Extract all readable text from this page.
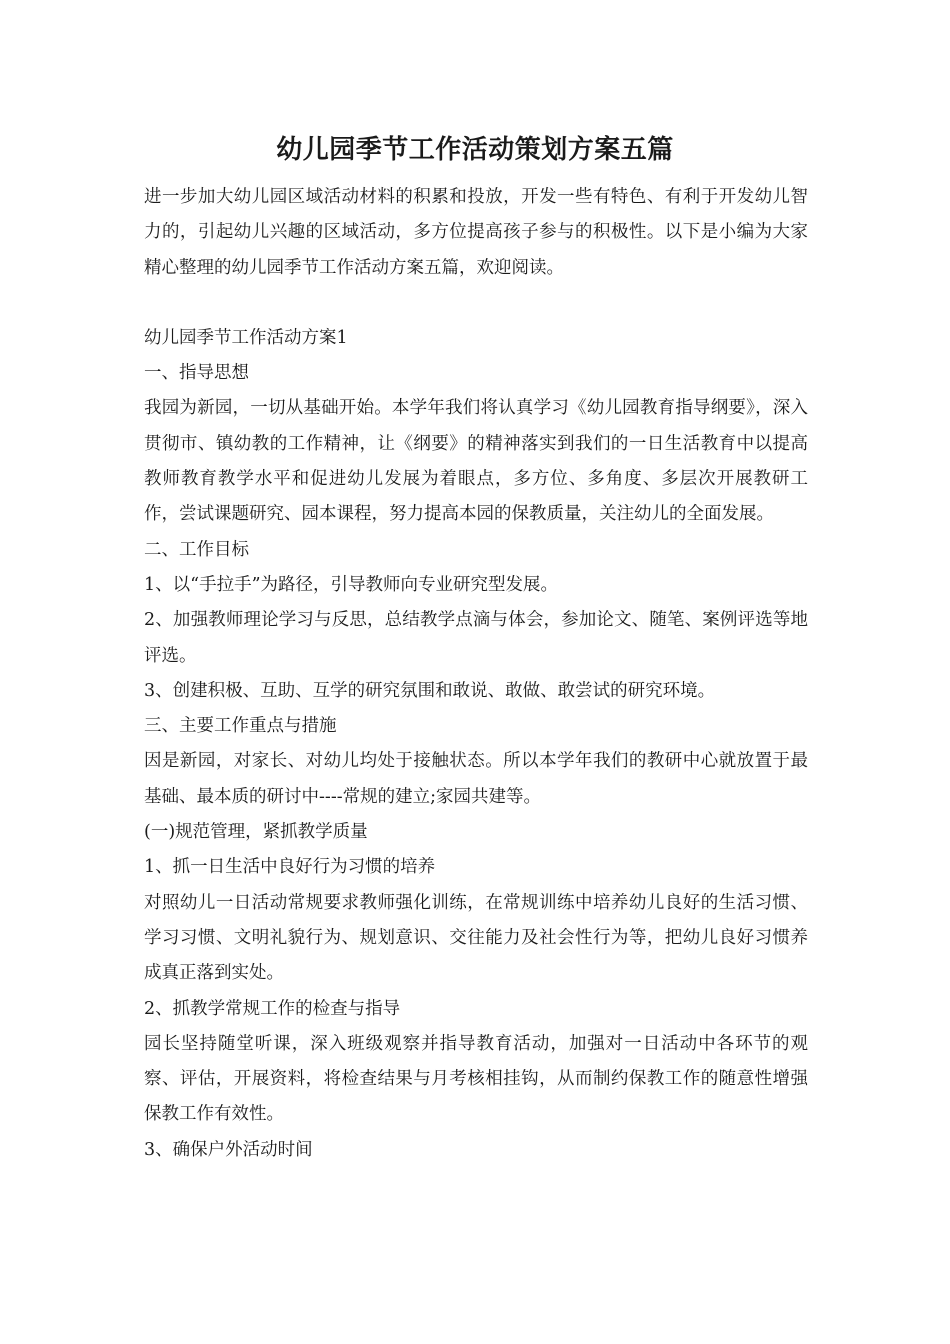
幼儿园季节工作活动策划方案五篇

进一步加大幼儿园区域活动材料的积累和投放，开发一些有特色、有利于开发幼儿智力的，引起幼儿兴趣的区域活动，多方位提高孩子参与的积极性。以下是小编为大家精心整理的幼儿园季节工作活动方案五篇，欢迎阅读。

幼儿园季节工作活动方案1

一、指导思想

我园为新园，一切从基础开始。本学年我们将认真学习《幼儿园教育指导纲要》，深入贯彻市、镇幼教的工作精神，让《纲要》的精神落实到我们的一日生活教育中以提高教师教育教学水平和促进幼儿发展为着眼点，多方位、多角度、多层次开展教研工作，尝试课题研究、园本课程，努力提高本园的保教质量，关注幼儿的全面发展。

二、工作目标

1、以“手拉手”为路径，引导教师向专业研究型发展。

2、加强教师理论学习与反思，总结教学点滴与体会，参加论文、随笔、案例评选等地评选。

3、创建积极、互助、互学的研究氛围和敢说、敢做、敢尝试的研究环境。

三、主要工作重点与措施

因是新园，对家长、对幼儿均处于接触状态。所以本学年我们的教研中心就放置于最基础、最本质的研讨中----常规的建立;家园共建等。

(一)规范管理，紧抓教学质量

1、抓一日生活中良好行为习惯的培养

对照幼儿一日活动常规要求教师强化训练，在常规训练中培养幼儿良好的生活习惯、学习习惯、文明礼貌行为、规划意识、交往能力及社会性行为等，把幼儿良好习惯养成真正落到实处。

2、抓教学常规工作的检查与指导

园长坚持随堂听课，深入班级观察并指导教育活动，加强对一日活动中各环节的观察、评估，开展资料，将检查结果与月考核相挂钩，从而制约保教工作的随意性增强保教工作有效性。

3、确保户外活动时间
